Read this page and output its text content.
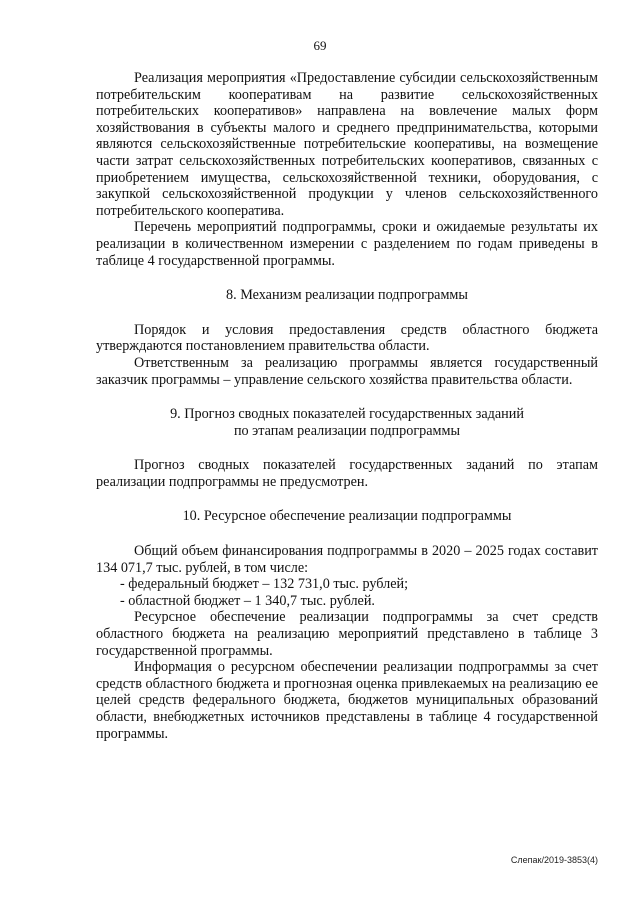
69

Реализация мероприятия «Предоставление субсидии сельскохозяйственным потребительским кооперативам на развитие сельскохозяйственных потребительских кооперативов» направлена на вовлечение малых форм хозяйствования в субъекты малого и среднего предпринимательства, которыми являются сельскохозяйственные потребительские кооперативы, на возмещение части затрат сельскохозяйственных потребительских кооперативов, связанных с приобретением имущества, сельскохозяйственной техники, оборудования, с закупкой сельскохозяйственной продукции у членов сельскохозяйственного потребительского кооператива.

Перечень мероприятий подпрограммы, сроки и ожидаемые результаты их реализации в количественном измерении с разделением по годам приведены в таблице 4 государственной программы.

8. Механизм реализации подпрограммы

Порядок и условия предоставления средств областного бюджета утверждаются постановлением правительства области.

Ответственным за реализацию программы является государственный заказчик программы – управление сельского хозяйства правительства области.

9. Прогноз сводных показателей государственных заданий

по этапам реализации подпрограммы

Прогноз сводных показателей государственных заданий по этапам реализации подпрограммы не предусмотрен.

10. Ресурсное обеспечение реализации подпрограммы

Общий объем финансирования подпрограммы в 2020 – 2025 годах составит 134 071,7 тыс. рублей, в том числе:

- федеральный бюджет – 132 731,0 тыс. рублей;

- областной бюджет – 1 340,7 тыс. рублей.

Ресурсное обеспечение реализации подпрограммы за счет средств областного бюджета на реализацию мероприятий представлено в таблице 3 государственной программы.

Информация о ресурсном обеспечении реализации подпрограммы за счет средств областного бюджета и прогнозная оценка привлекаемых на реализацию ее целей средств федерального бюджета, бюджетов муниципальных образований области, внебюджетных источников представлены в таблице 4 государственной программы.

Слепак/2019-3853(4)
